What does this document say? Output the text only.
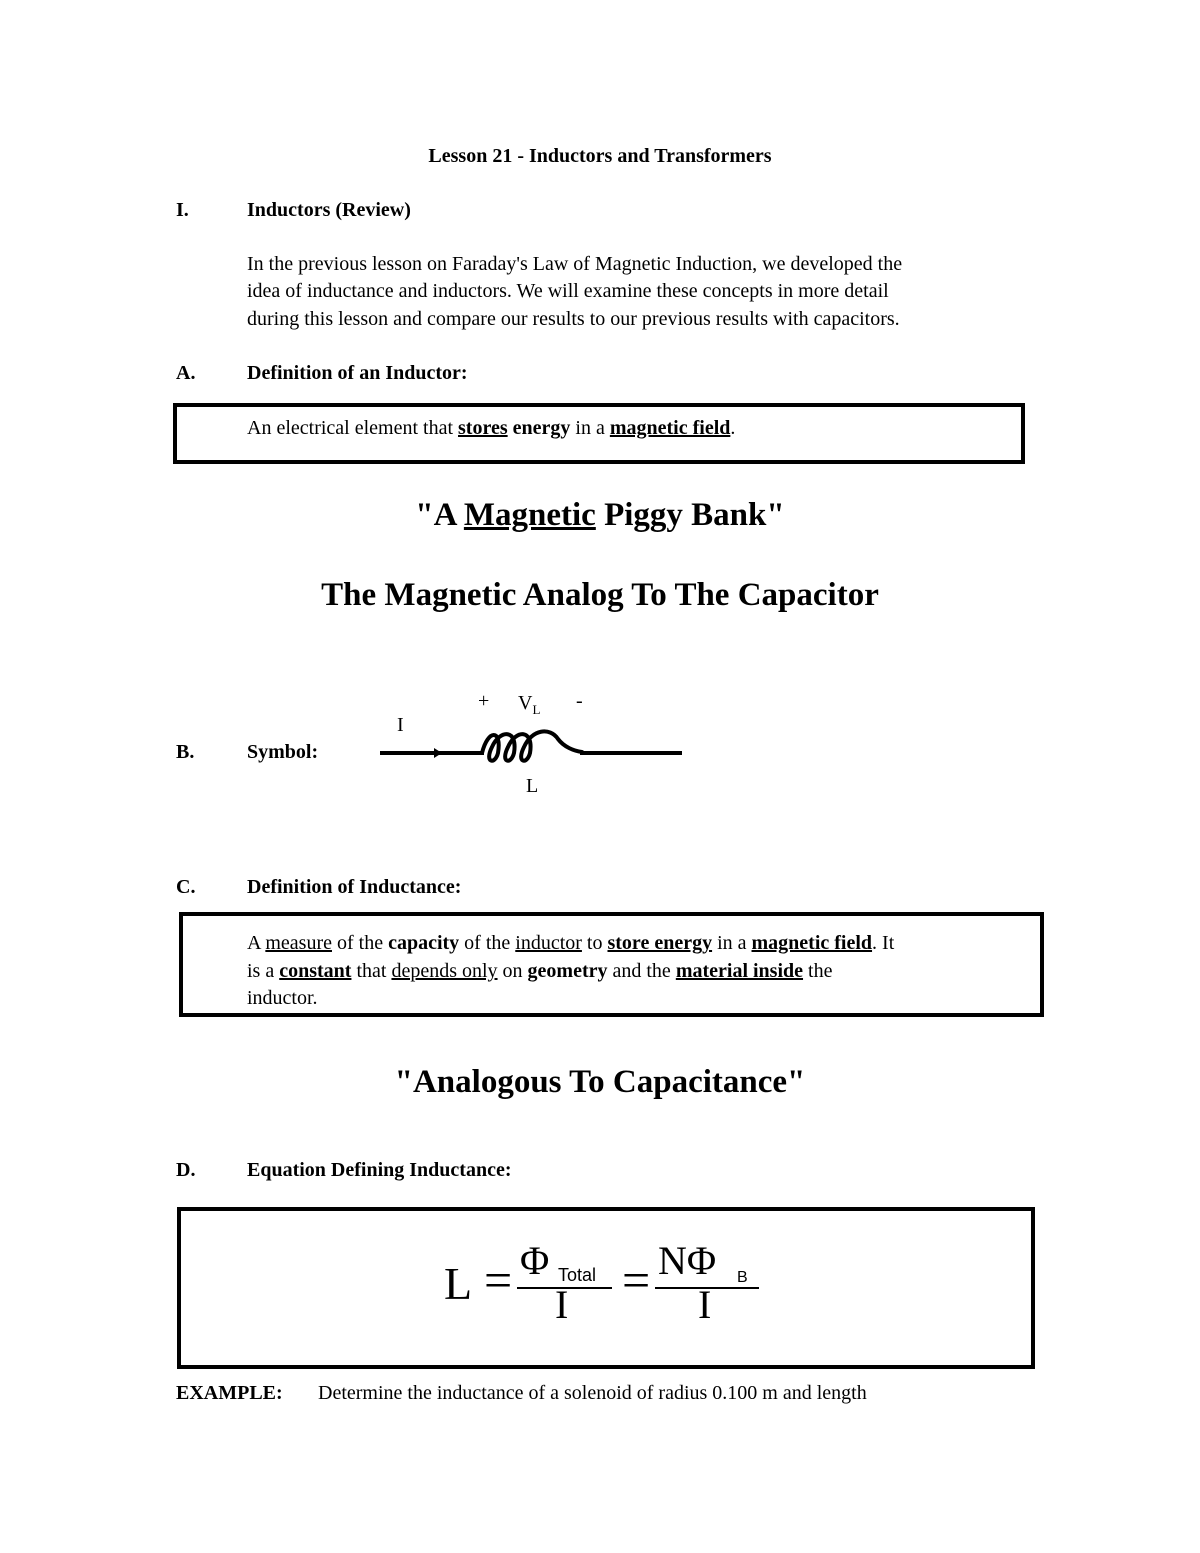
Lesson 21 - Inductors and Transformers
I.	Inductors (Review)
In the previous lesson on Faraday's Law of Magnetic Induction, we developed the
idea of inductance and inductors. We will examine these concepts in more detail
during this lesson and compare our results to our previous results with capacitors.
A.	Definition of an Inductor:
An electrical element that stores energy in a magnetic field.
"A Magnetic Piggy Bank"
The Magnetic Analog To The Capacitor
B.	Symbol:
I
+ $V_L$ -
L
C.	Definition of Inductance:
A measure of the capacity of the inductor to store energy in a magnetic field. It
is a constant that depends only on geometry and the material inside the
inductor.
"Analogous To Capacitance"
D.	Equation Defining Inductance:
L = Φ Total
I = NΦ B
I
EXAMPLE: Determine the inductance of a solenoid of radius 0.100 m and length
